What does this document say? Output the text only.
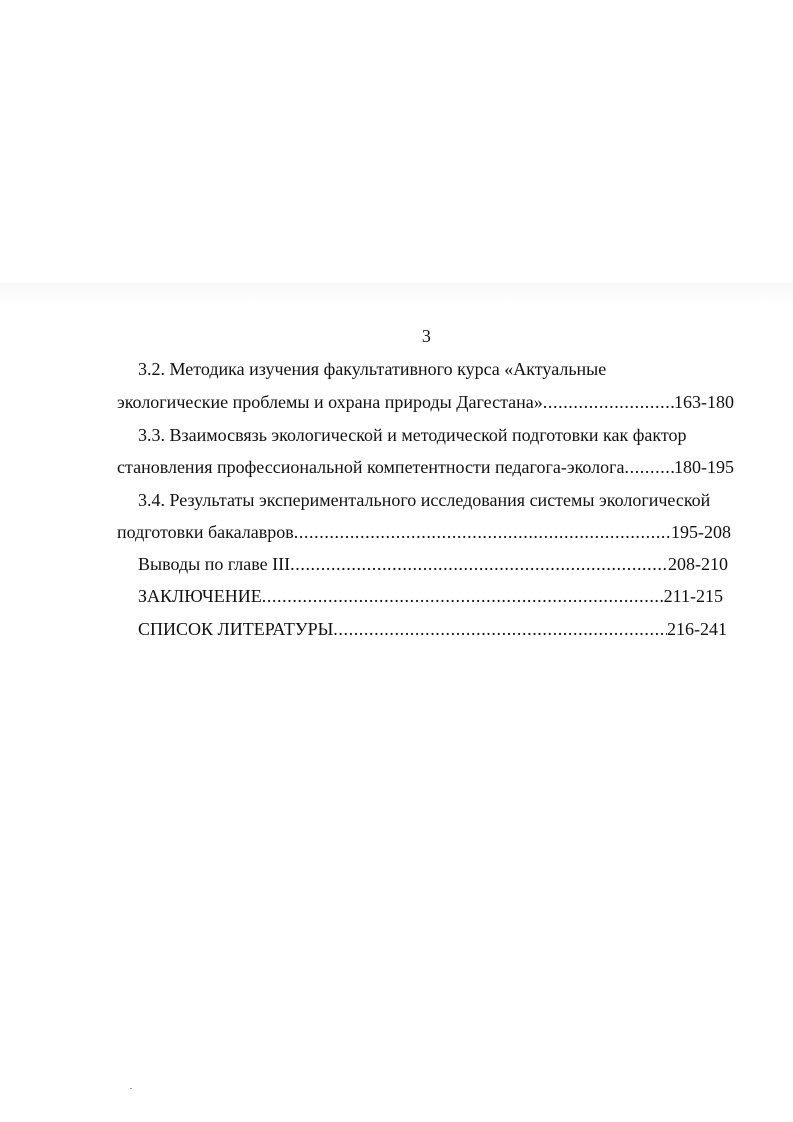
3
3.2. Методика изучения факультативного курса «Актуальные
экологические проблемы и охрана природы Дагестана» .....	163-180
3.3. Взаимосвязь экологической и методической подготовки как фактор
становления профессиональной компетентности педагога-эколога .....	180-195
3.4. Результаты экспериментального исследования системы экологической
подготовки бакалавров .....	195-208
Выводы по главе III .....	208-210
ЗАКЛЮЧЕНИЕ .....	211-215
СПИСОК ЛИТЕРАТУРЫ .....	216-241
